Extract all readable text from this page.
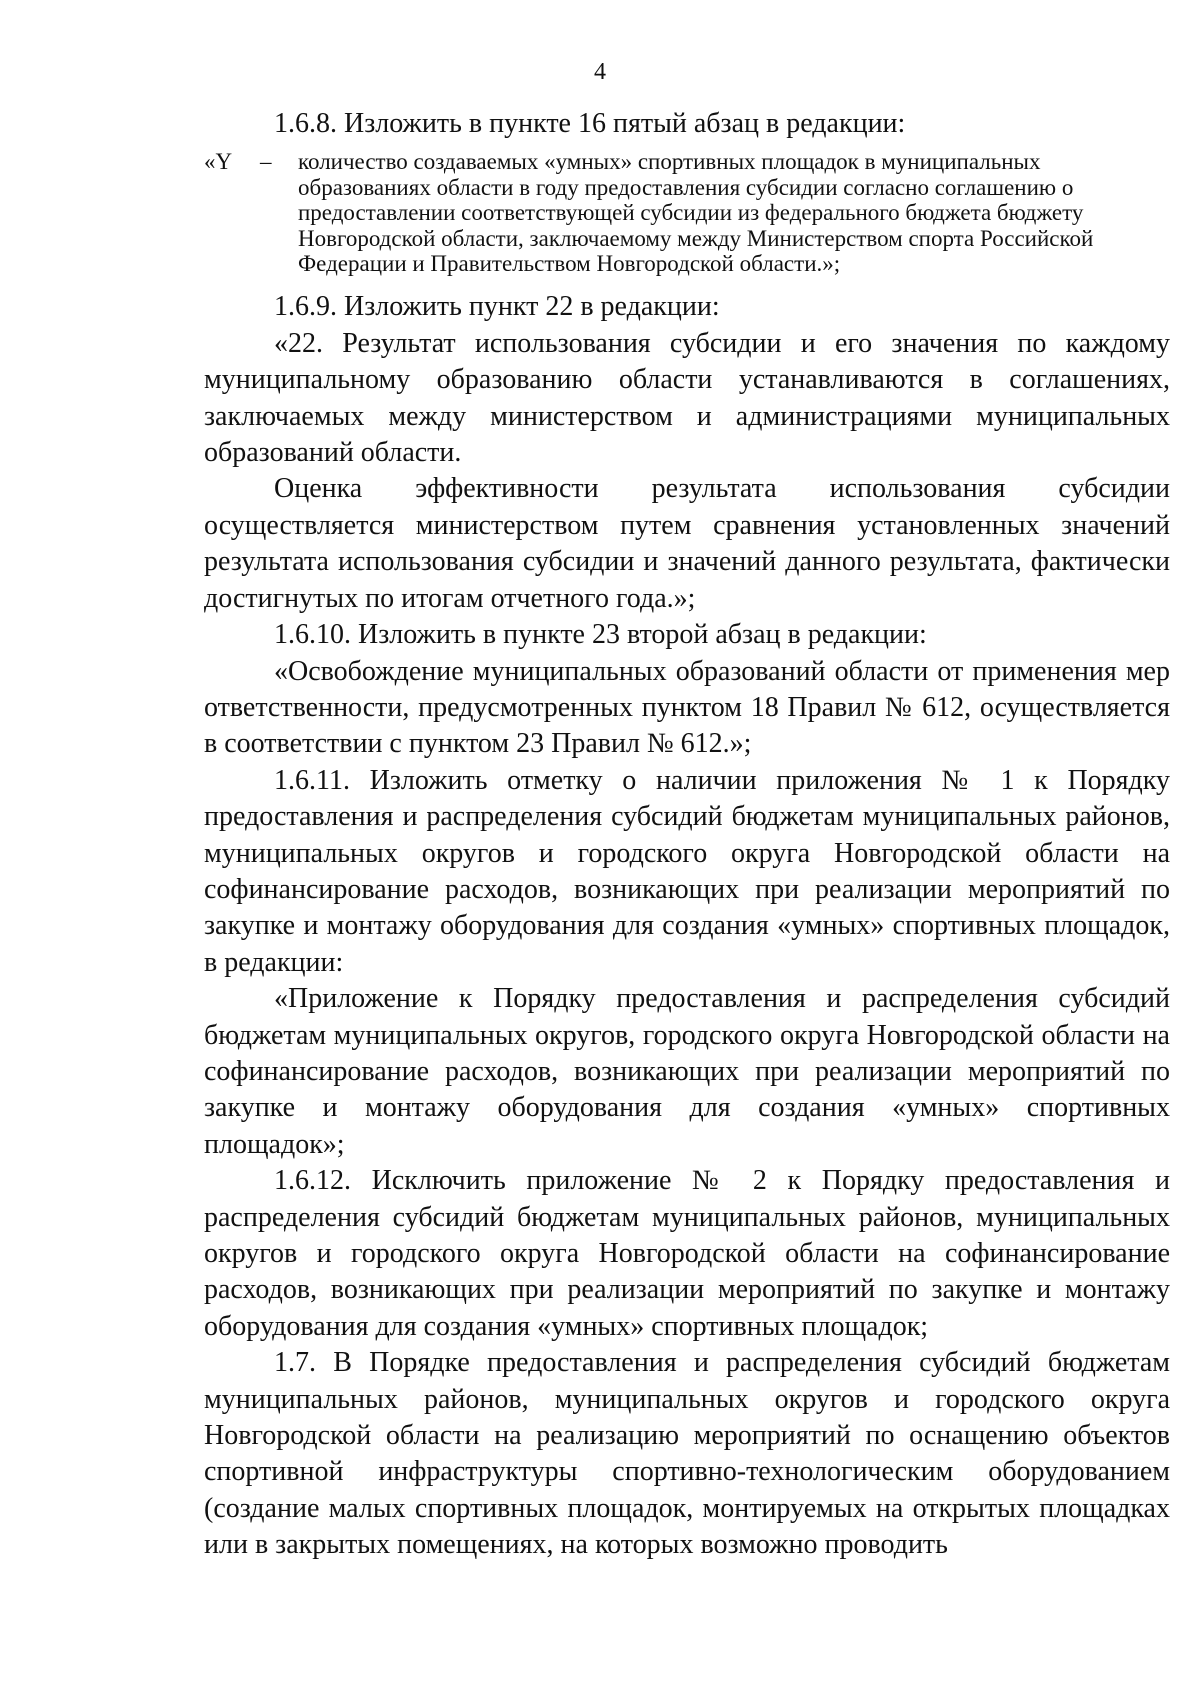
4

1.6.8. Изложить в пункте 16 пятый абзац в редакции:

«Y	–	количество создаваемых «умных» спортивных площадок в муниципальных образованиях области в году предоставления субсидии согласно соглашению о предоставлении соответствующей субсидии из федерального бюджета бюджету Новгородской области, заключаемому между Министерством спорта Российской Федерации и Правительством Новгородской области.»;

1.6.9. Изложить пункт 22 в редакции:

«22. Результат использования субсидии и его значения по каждому муниципальному образованию области устанавливаются в соглашениях, заключаемых между министерством и администрациями муниципальных образований области.

Оценка эффективности результата использования субсидии осуществляется министерством путем сравнения установленных значений результата использования субсидии и значений данного результата, фактически достигнутых по итогам отчетного года.»;

1.6.10. Изложить в пункте 23 второй абзац в редакции:

«Освобождение муниципальных образований области от применения мер ответственности, предусмотренных пунктом 18 Правил № 612, осуществляется в соответствии с пунктом 23 Правил № 612.»;

1.6.11. Изложить отметку о наличии приложения № 1 к Порядку предоставления и распределения субсидий бюджетам муниципальных районов, муниципальных округов и городского округа Новгородской области на софинансирование расходов, возникающих при реализации мероприятий по закупке и монтажу оборудования для создания «умных» спортивных площадок, в редакции:

«Приложение к Порядку предоставления и распределения субсидий бюджетам муниципальных округов, городского округа Новгородской области на софинансирование расходов, возникающих при реализации мероприятий по закупке и монтажу оборудования для создания «умных» спортивных площадок»;

1.6.12. Исключить приложение № 2 к Порядку предоставления и распределения субсидий бюджетам муниципальных районов, муниципальных округов и городского округа Новгородской области на софинансирование расходов, возникающих при реализации мероприятий по закупке и монтажу оборудования для создания «умных» спортивных площадок;

1.7. В Порядке предоставления и распределения субсидий бюджетам муниципальных районов, муниципальных округов и городского округа Новгородской области на реализацию мероприятий по оснащению объектов спортивной инфраструктуры спортивно-технологическим оборудованием (создание малых спортивных площадок, монтируемых на открытых площадках или в закрытых помещениях, на которых возможно проводить
